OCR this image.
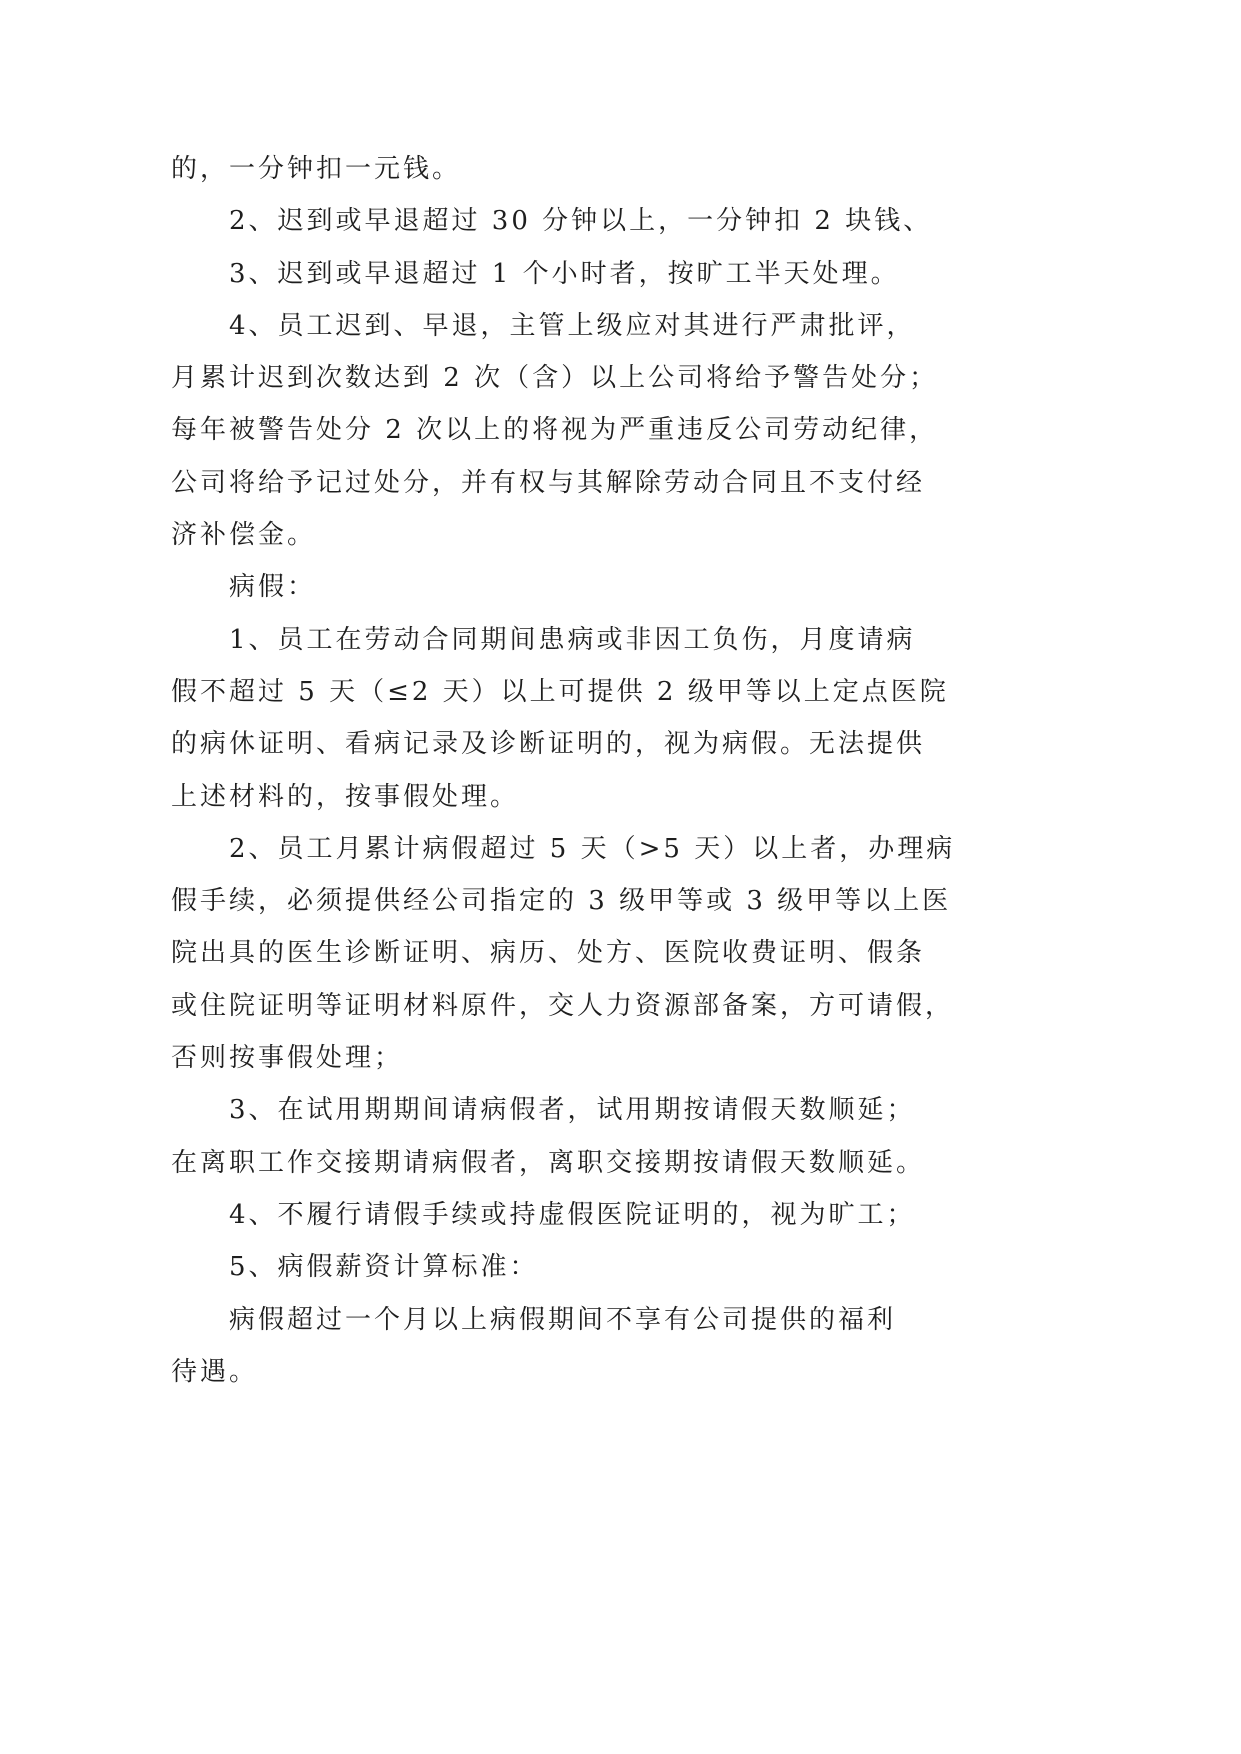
的，一分钟扣一元钱。
2、迟到或早退超过 30 分钟以上，一分钟扣 2 块钱、
3、迟到或早退超过 1 个小时者，按旷工半天处理。
4、员工迟到、早退，主管上级应对其进行严肃批评，
月累计迟到次数达到 2 次（含）以上公司将给予警告处分；
每年被警告处分 2 次以上的将视为严重违反公司劳动纪律，
公司将给予记过处分，并有权与其解除劳动合同且不支付经
济补偿金。
病假：
1、员工在劳动合同期间患病或非因工负伤，月度请病
假不超过 5 天（≤2 天）以上可提供 2 级甲等以上定点医院
的病休证明、看病记录及诊断证明的，视为病假。无法提供
上述材料的，按事假处理。
2、员工月累计病假超过 5 天（>5 天）以上者，办理病
假手续，必须提供经公司指定的 3 级甲等或 3 级甲等以上医
院出具的医生诊断证明、病历、处方、医院收费证明、假条
或住院证明等证明材料原件，交人力资源部备案，方可请假，
否则按事假处理；
3、在试用期期间请病假者，试用期按请假天数顺延；
在离职工作交接期请病假者，离职交接期按请假天数顺延。
4、不履行请假手续或持虚假医院证明的，视为旷工；
5、病假薪资计算标准：
病假超过一个月以上病假期间不享有公司提供的福利
待遇。
